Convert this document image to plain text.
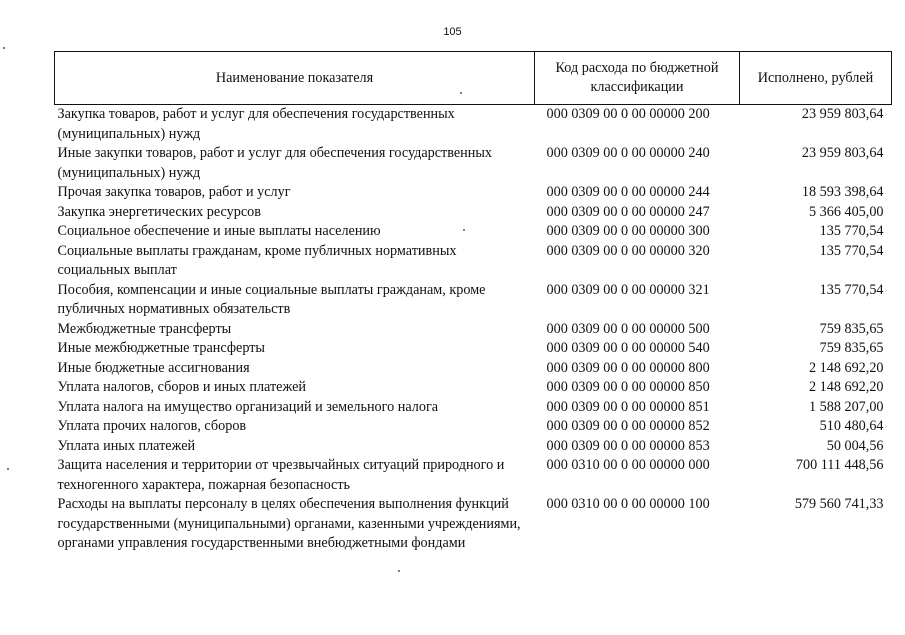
105
Наименование показателя	Код расхода по бюджетной классификации	Исполнено, рублей
Закупка товаров, работ и услуг для обеспечения государственных (муниципальных) нужд	000 0309 00 0 00 00000 200	23 959 803,64
Иные закупки товаров, работ и услуг для обеспечения государственных (муниципальных) нужд	000 0309 00 0 00 00000 240	23 959 803,64
Прочая закупка товаров, работ и услуг	000 0309 00 0 00 00000 244	18 593 398,64
Закупка энергетических ресурсов	000 0309 00 0 00 00000 247	5 366 405,00
Социальное обеспечение и иные выплаты населению	000 0309 00 0 00 00000 300	135 770,54
Социальные выплаты гражданам, кроме публичных нормативных социальных выплат	000 0309 00 0 00 00000 320	135 770,54
Пособия, компенсации и иные социальные выплаты гражданам, кроме публичных нормативных обязательств	000 0309 00 0 00 00000 321	135 770,54
Межбюджетные трансферты	000 0309 00 0 00 00000 500	759 835,65
Иные межбюджетные трансферты	000 0309 00 0 00 00000 540	759 835,65
Иные бюджетные ассигнования	000 0309 00 0 00 00000 800	2 148 692,20
Уплата налогов, сборов и иных платежей	000 0309 00 0 00 00000 850	2 148 692,20
Уплата налога на имущество организаций и земельного налога	000 0309 00 0 00 00000 851	1 588 207,00
Уплата прочих налогов, сборов	000 0309 00 0 00 00000 852	510 480,64
Уплата иных платежей	000 0309 00 0 00 00000 853	50 004,56
Защита населения и территории от чрезвычайных ситуаций природного и техногенного характера, пожарная безопасность	000 0310 00 0 00 00000 000	700 111 448,56
Расходы на выплаты персоналу в целях обеспечения выполнения функций государственными (муниципальными) органами, казенными учреждениями, органами управления государственными внебюджетными фондами	000 0310 00 0 00 00000 100	579 560 741,33
